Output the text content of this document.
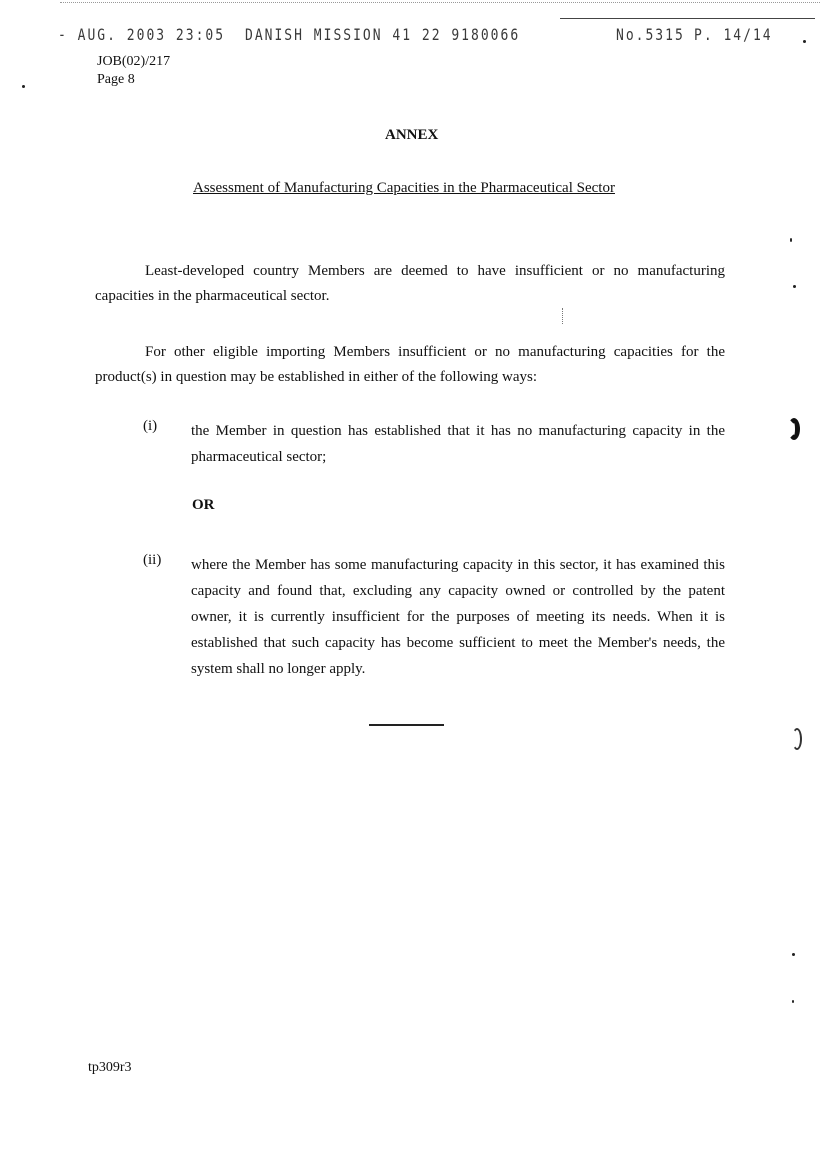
- AUG. 2003 23:05 DANISH MISSION 41 22 9180066	No.5315 P. 14/14
JOB(02)/217
Page 8
ANNEX
Assessment of Manufacturing Capacities in the Pharmaceutical Sector
Least-developed country Members are deemed to have insufficient or no manufacturing capacities in the pharmaceutical sector.
For other eligible importing Members insufficient or no manufacturing capacities for the product(s) in question may be established in either of the following ways:
(i) the Member in question has established that it has no manufacturing capacity in the pharmaceutical sector;
OR
(ii) where the Member has some manufacturing capacity in this sector, it has examined this capacity and found that, excluding any capacity owned or controlled by the patent owner, it is currently insufficient for the purposes of meeting its needs. When it is established that such capacity has become sufficient to meet the Member's needs, the system shall no longer apply.
tp309r3
